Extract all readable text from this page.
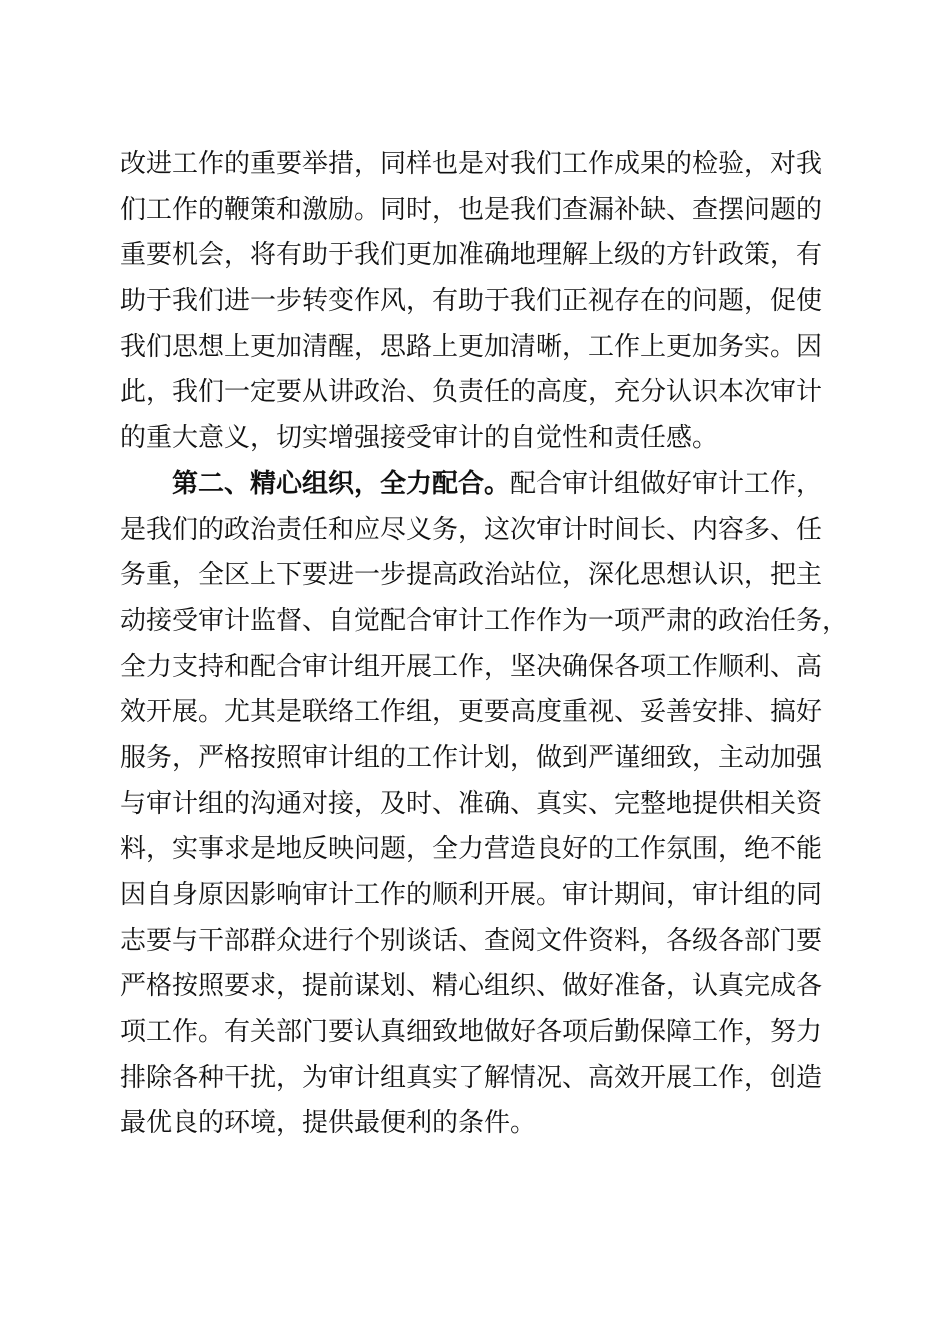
改进工作的重要举措，同样也是对我们工作成果的检验，对我
们工作的鞭策和激励。同时，也是我们查漏补缺、查摆问题的
重要机会，将有助于我们更加准确地理解上级的方针政策，有
助于我们进一步转变作风，有助于我们正视存在的问题，促使
我们思想上更加清醒，思路上更加清晰，工作上更加务实。因
此，我们一定要从讲政治、负责任的高度，充分认识本次审计
的重大意义，切实增强接受审计的自觉性和责任感。
第二、精心组织，全力配合。配合审计组做好审计工作，
是我们的政治责任和应尽义务，这次审计时间长、内容多、任
务重，全区上下要进一步提高政治站位，深化思想认识，把主
动接受审计监督、自觉配合审计工作作为一项严肃的政治任务，
全力支持和配合审计组开展工作，坚决确保各项工作顺利、高
效开展。尤其是联络工作组，更要高度重视、妥善安排、搞好
服务，严格按照审计组的工作计划，做到严谨细致，主动加强
与审计组的沟通对接，及时、准确、真实、完整地提供相关资
料，实事求是地反映问题，全力营造良好的工作氛围，绝不能
因自身原因影响审计工作的顺利开展。审计期间，审计组的同
志要与干部群众进行个别谈话、查阅文件资料，各级各部门要
严格按照要求，提前谋划、精心组织、做好准备，认真完成各
项工作。有关部门要认真细致地做好各项后勤保障工作，努力
排除各种干扰，为审计组真实了解情况、高效开展工作，创造
最优良的环境，提供最便利的条件。
